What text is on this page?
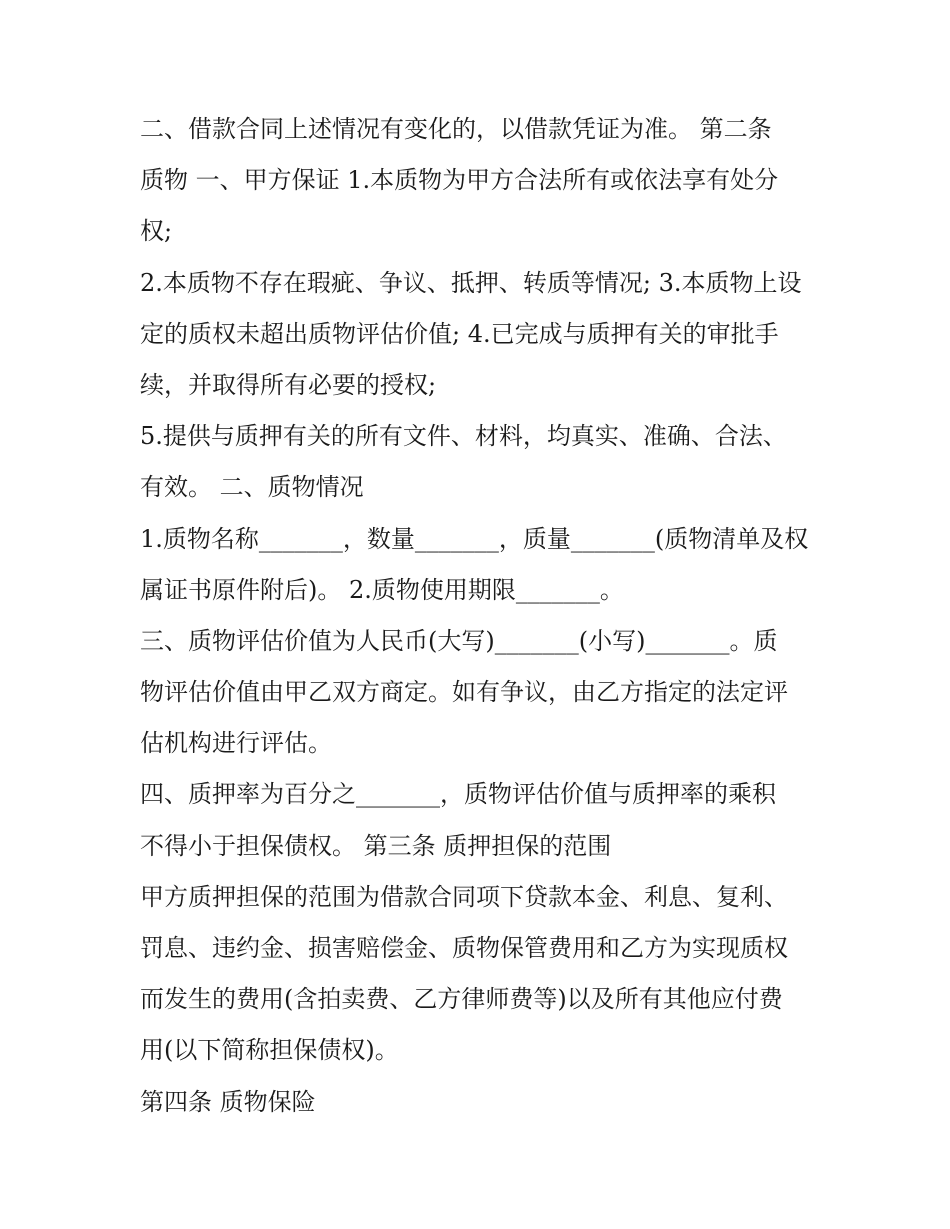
二、借款合同上述情况有变化的，以借款凭证为准。 第二条
质物 一、甲方保证 1.本质物为甲方合法所有或依法享有处分
权;
2.本质物不存在瑕疵、争议、抵押、转质等情况; 3.本质物上设
定的质权未超出质物评估价值; 4.已完成与质押有关的审批手
续，并取得所有必要的授权;
5.提供与质押有关的所有文件、材料，均真实、准确、合法、
有效。 二、质物情况
1.质物名称_______，数量_______，质量_______(质物清单及权
属证书原件附后)。 2.质物使用期限_______。
三、质物评估价值为人民币(大写)_______(小写)_______。质
物评估价值由甲乙双方商定。如有争议，由乙方指定的法定评
估机构进行评估。
四、质押率为百分之_______，质物评估价值与质押率的乘积
不得小于担保债权。 第三条 质押担保的范围
甲方质押担保的范围为借款合同项下贷款本金、利息、复利、
罚息、违约金、损害赔偿金、质物保管费用和乙方为实现质权
而发生的费用(含拍卖费、乙方律师费等)以及所有其他应付费
用(以下简称担保债权)。
第四条 质物保险
